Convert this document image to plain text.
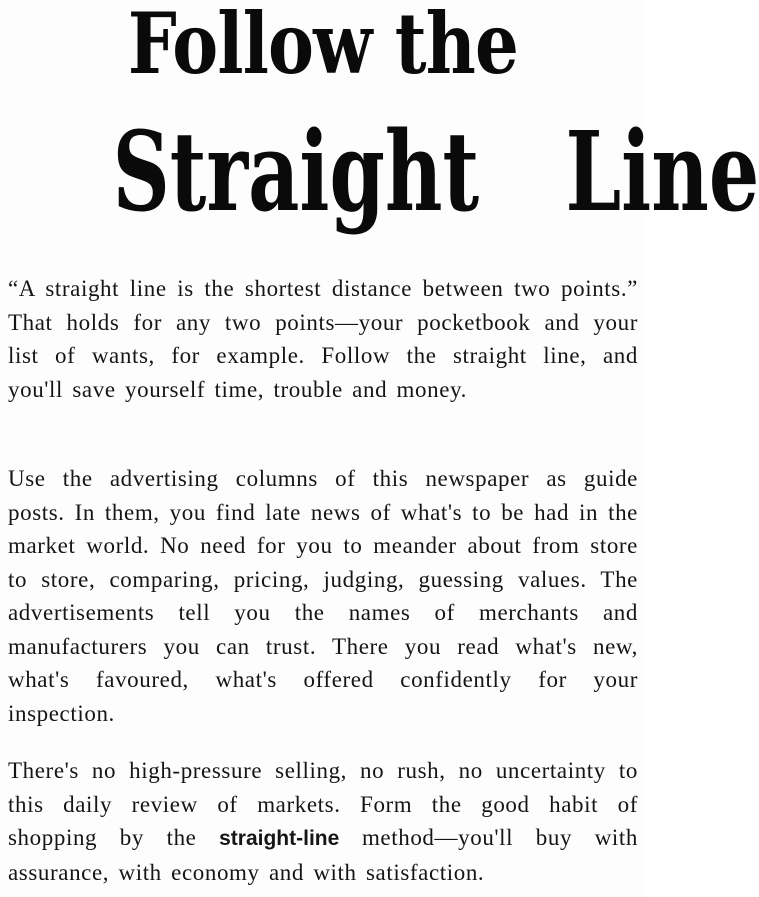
Follow the
Straight Line

“A straight line is the shortest distance between two points.” That holds for any two points—your pocketbook and your list of wants, for example. Follow the straight line, and you'll save yourself time, trouble and money.

Use the advertising columns of this newspaper as guide posts. In them, you find late news of what's to be had in the market world. No need for you to meander about from store to store, comparing, pricing, judging, guessing values. The advertisements tell you the names of merchants and manufacturers you can trust. There you read what's new, what's favoured, what's offered confidently for your inspection.

There's no high-pressure selling, no rush, no uncertainty to this daily review of markets. Form the good habit of shopping by the straight-line method—you'll buy with assurance, with economy and with satisfaction.
